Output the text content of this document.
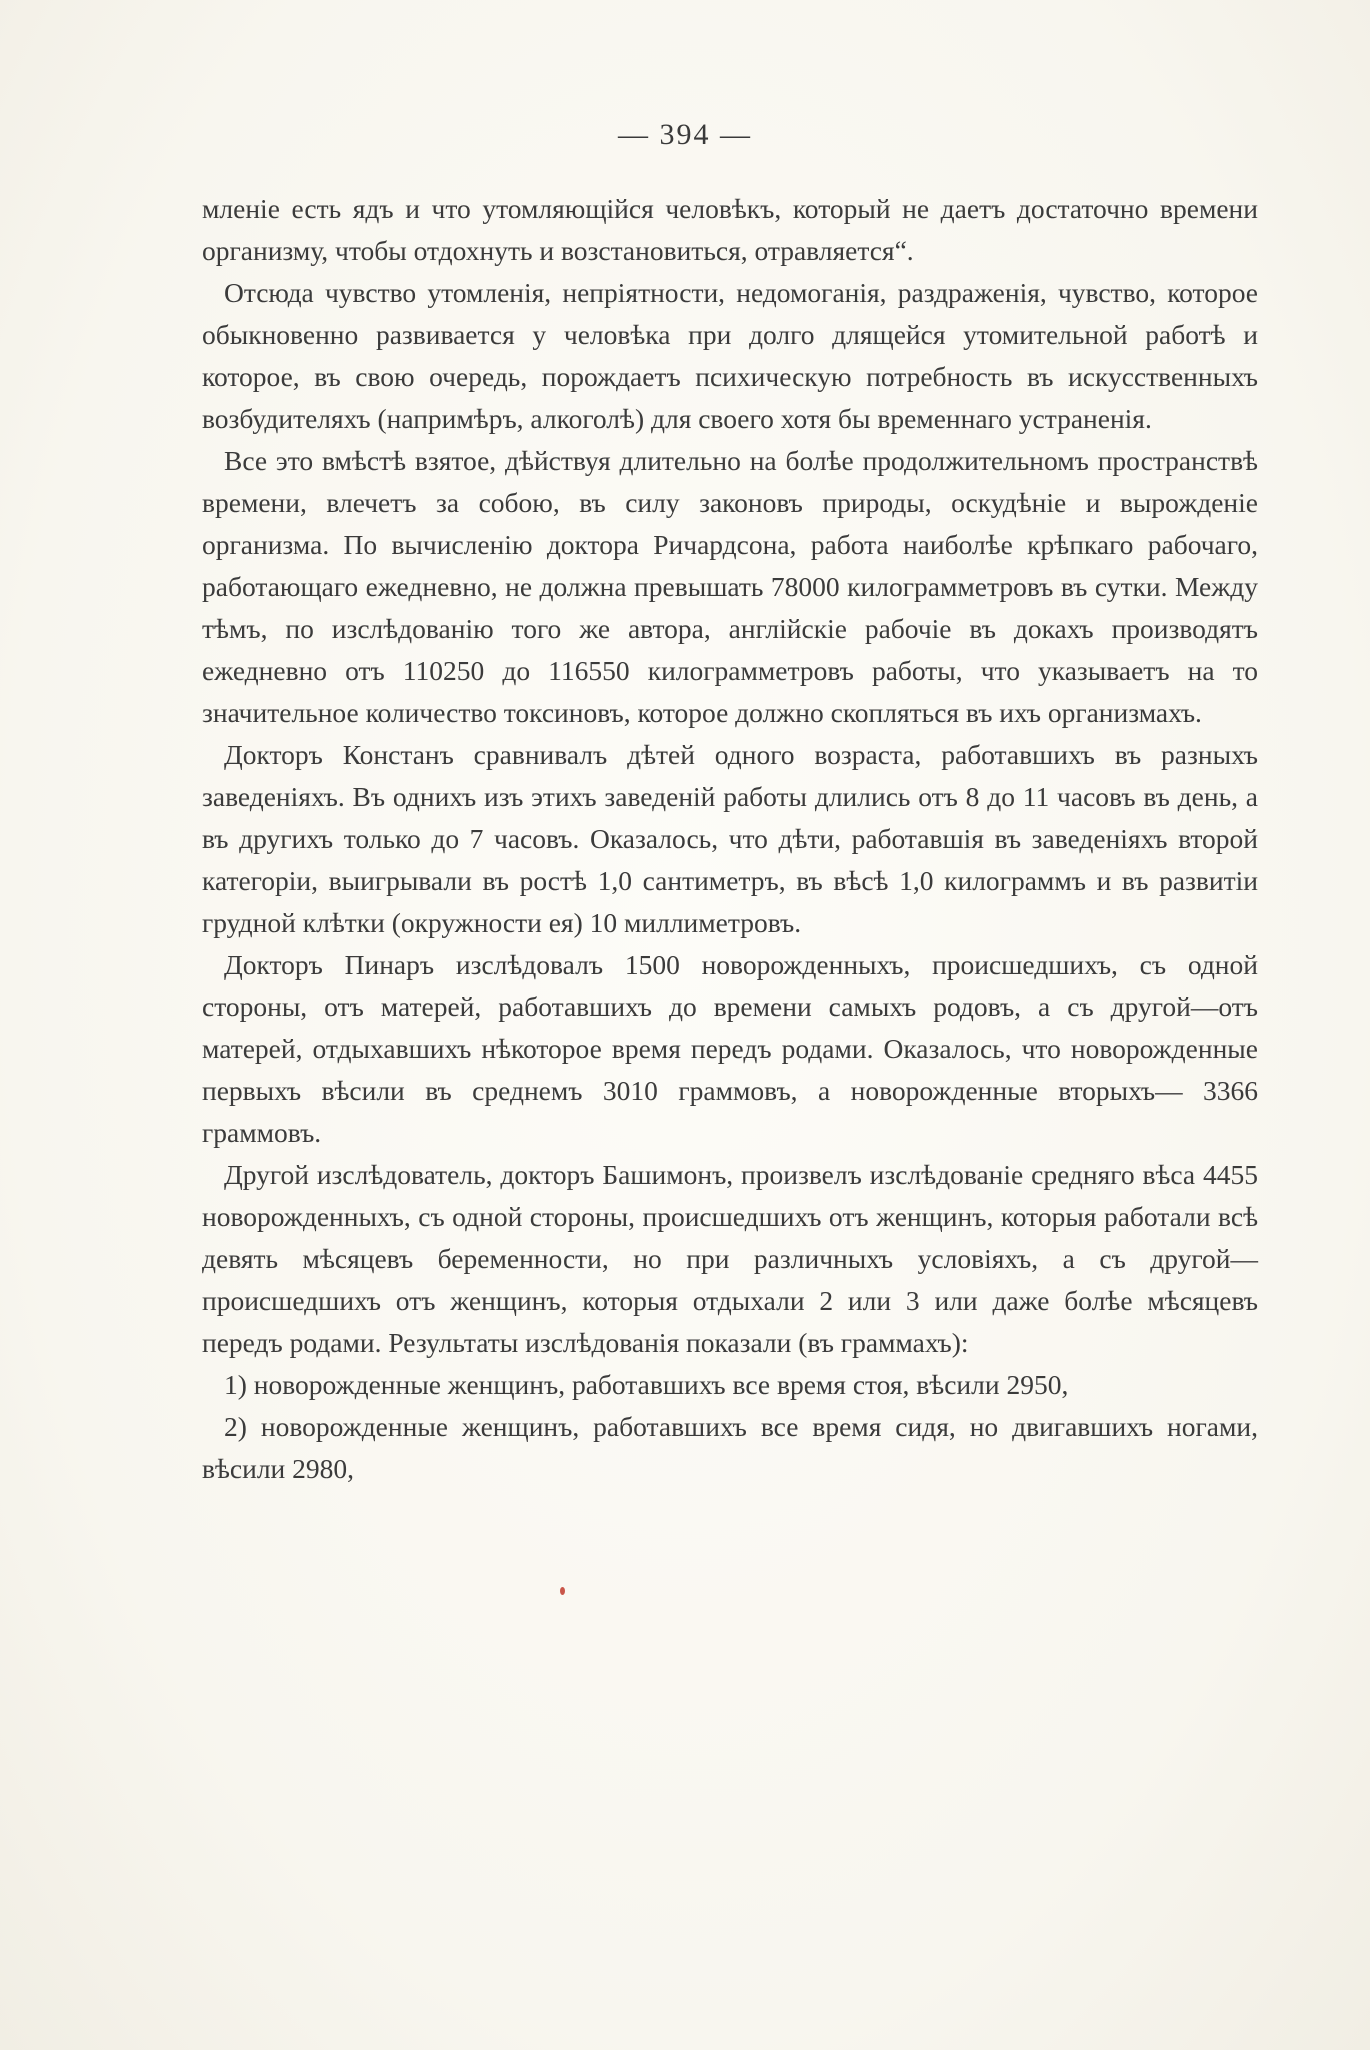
— 394 —

мленіе есть ядъ и что утомляющійся человѣкъ, который не даетъ достаточно времени организму, чтобы отдохнуть и возстановиться, отравляется“.

Отсюда чувство утомленія, непріятности, недомоганія, раздраженія, чувство, которое обыкновенно развивается у человѣка при долго длящейся утомительной работѣ и которое, въ свою очередь, порождаетъ психическую потребность въ искусственныхъ возбудителяхъ (напримѣръ, алкоголѣ) для своего хотя бы временнаго устраненія.

Все это вмѣстѣ взятое, дѣйствуя длительно на болѣе продолжительномъ пространствѣ времени, влечетъ за собою, въ силу законовъ природы, оскудѣніе и вырожденіе организма. По вычисленію доктора Ричардсона, работа наиболѣе крѣпкаго рабочаго, работающаго ежедневно, не должна превышать 78000 килограмметровъ въ сутки. Между тѣмъ, по изслѣдованію того же автора, англійскіе рабочіе въ докахъ производятъ ежедневно отъ 110250 до 116550 килограмметровъ работы, что указываетъ на то значительное количество токсиновъ, которое должно скопляться въ ихъ организмахъ.

Докторъ Констанъ сравнивалъ дѣтей одного возраста, работавшихъ въ разныхъ заведеніяхъ. Въ однихъ изъ этихъ заведеній работы длились отъ 8 до 11 часовъ въ день, а въ другихъ только до 7 часовъ. Оказалось, что дѣти, работавшія въ заведеніяхъ второй категоріи, выигрывали въ ростѣ 1,0 сантиметръ, въ вѣсѣ 1,0 килограммъ и въ развитіи грудной клѣтки (окружности ея) 10 миллиметровъ.

Докторъ Пинаръ изслѣдовалъ 1500 новорожденныхъ, происшедшихъ, съ одной стороны, отъ матерей, работавшихъ до времени самыхъ родовъ, а съ другой—отъ матерей, отдыхавшихъ нѣкоторое время передъ родами. Оказалось, что новорожденные первыхъ вѣсили въ среднемъ 3010 граммовъ, а новорожденные вторыхъ— 3366 граммовъ.

Другой изслѣдователь, докторъ Башимонъ, произвелъ изслѣдованіе средняго вѣса 4455 новорожденныхъ, съ одной стороны, происшедшихъ отъ женщинъ, которыя работали всѣ девять мѣсяцевъ беременности, но при различныхъ условіяхъ, а съ другой—происшедшихъ отъ женщинъ, которыя отдыхали 2 или 3 или даже болѣе мѣсяцевъ передъ родами. Результаты изслѣдованія показали (въ граммахъ):

1) новорожденные женщинъ, работавшихъ все время стоя, вѣсили 2950,

2) новорожденные женщинъ, работавшихъ все время сидя, но двигавшихъ ногами, вѣсили 2980,
